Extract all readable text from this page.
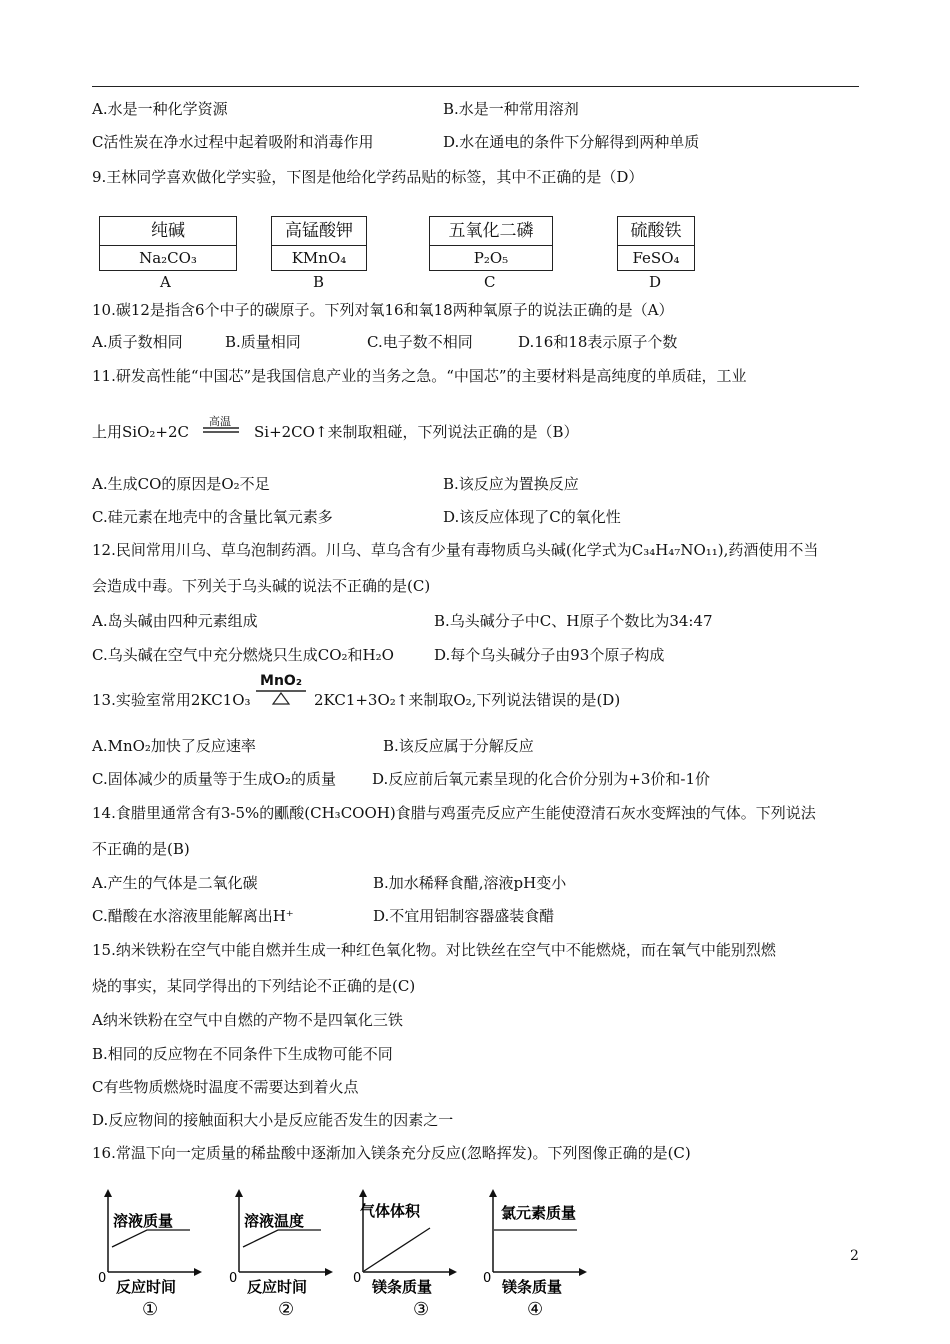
A.水是一种化学资源	B.水是一种常用溶剂
C活性炭在净水过程中起着吸附和消毒作用	D.水在通电的条件下分解得到两种单质
9.王林同学喜欢做化学实验，下图是他给化学药品贴的标签，其中不正确的是（D）
纯碱
Na₂CO₃
A
高锰酸钾
KMnO₄
B
五氧化二磷
P₂O₅
C
硫酸铁
FeSO₄
D
10.碳12是指含6个中子的碳原子。下列对氧16和氧18两种氧原子的说法正确的是（A）
A.质子数相同	B.质量相同	C.电子数不相同	D.16和18表示原子个数
11.研发高性能“中国芯”是我国信息产业的当务之急。“中国芯”的主要材料是高纯度的单质硅，工业
上用SiO₂+2C
高温
Si+2CO↑来制取粗碰，下列说法正确的是（B）
A.生成CO的原因是O₂不足	B.该反应为置换反应
C.硅元素在地壳中的含量比氧元素多	D.该反应体现了C的氧化性
12.民间常用川乌、草乌泡制药酒。川乌、草乌含有少量有毒物质乌头碱(化学式为C₃₄H₄₇NO₁₁),药酒使用不当
会造成中毒。下列关于乌头碱的说法不正确的是(C)
A.岛头碱由四种元素组成	B.乌头碱分子中C、H原子个数比为34:47
C.乌头碱在空气中充分燃烧只生成CO₂和H₂O	D.每个乌头碱分子由93个原子构成
13.实验室常用2KC1O₃
MnO₂
2KC1+3O₂↑来制取O₂,下列说法错误的是(D)
A.MnO₂加快了反应速率	B.该反应属于分解反应
C.固体减少的质量等于生成O₂的质量 D.反应前后氧元素呈现的化合价分别为+3价和-1价
14.食腊里通常含有3-5%的爴酸(CH₃COOH)食腊与鸡蛋壳反应产生能使澄清石灰水变辉浊的气体。下列说法
不正确的是(B)
A.产生的气体是二氧化碳	B.加水稀释食醋,溶液pH变小
C.醋酸在水溶液里能解离出H⁺	D.不宜用铝制容器盛装食醋
15.纳米铁粉在空气中能自燃并生成一种红色氧化物。对比铁丝在空气中不能燃烧，而在氧气中能别烈燃
烧的事实，某同学得出的下列结论不正确的是(C)
A纳米铁粉在空气中自燃的产物不是四氧化三铁
B.相同的反应物在不同条件下生成物可能不同
C有些物质燃烧时温度不需要达到着火点
D.反应物间的接触面积大小是反应能否发生的因素之一
16.常温下向一定质量的稀盐酸中逐渐加入镁条充分反应(忽略挥发)。下列图像正确的是(C)
溶液质量
反应时间
0
①
溶液温度
反应时间
0
②
气体体积
镁条质量
0
③
氯元素质量
镁条质量
0
④
2
